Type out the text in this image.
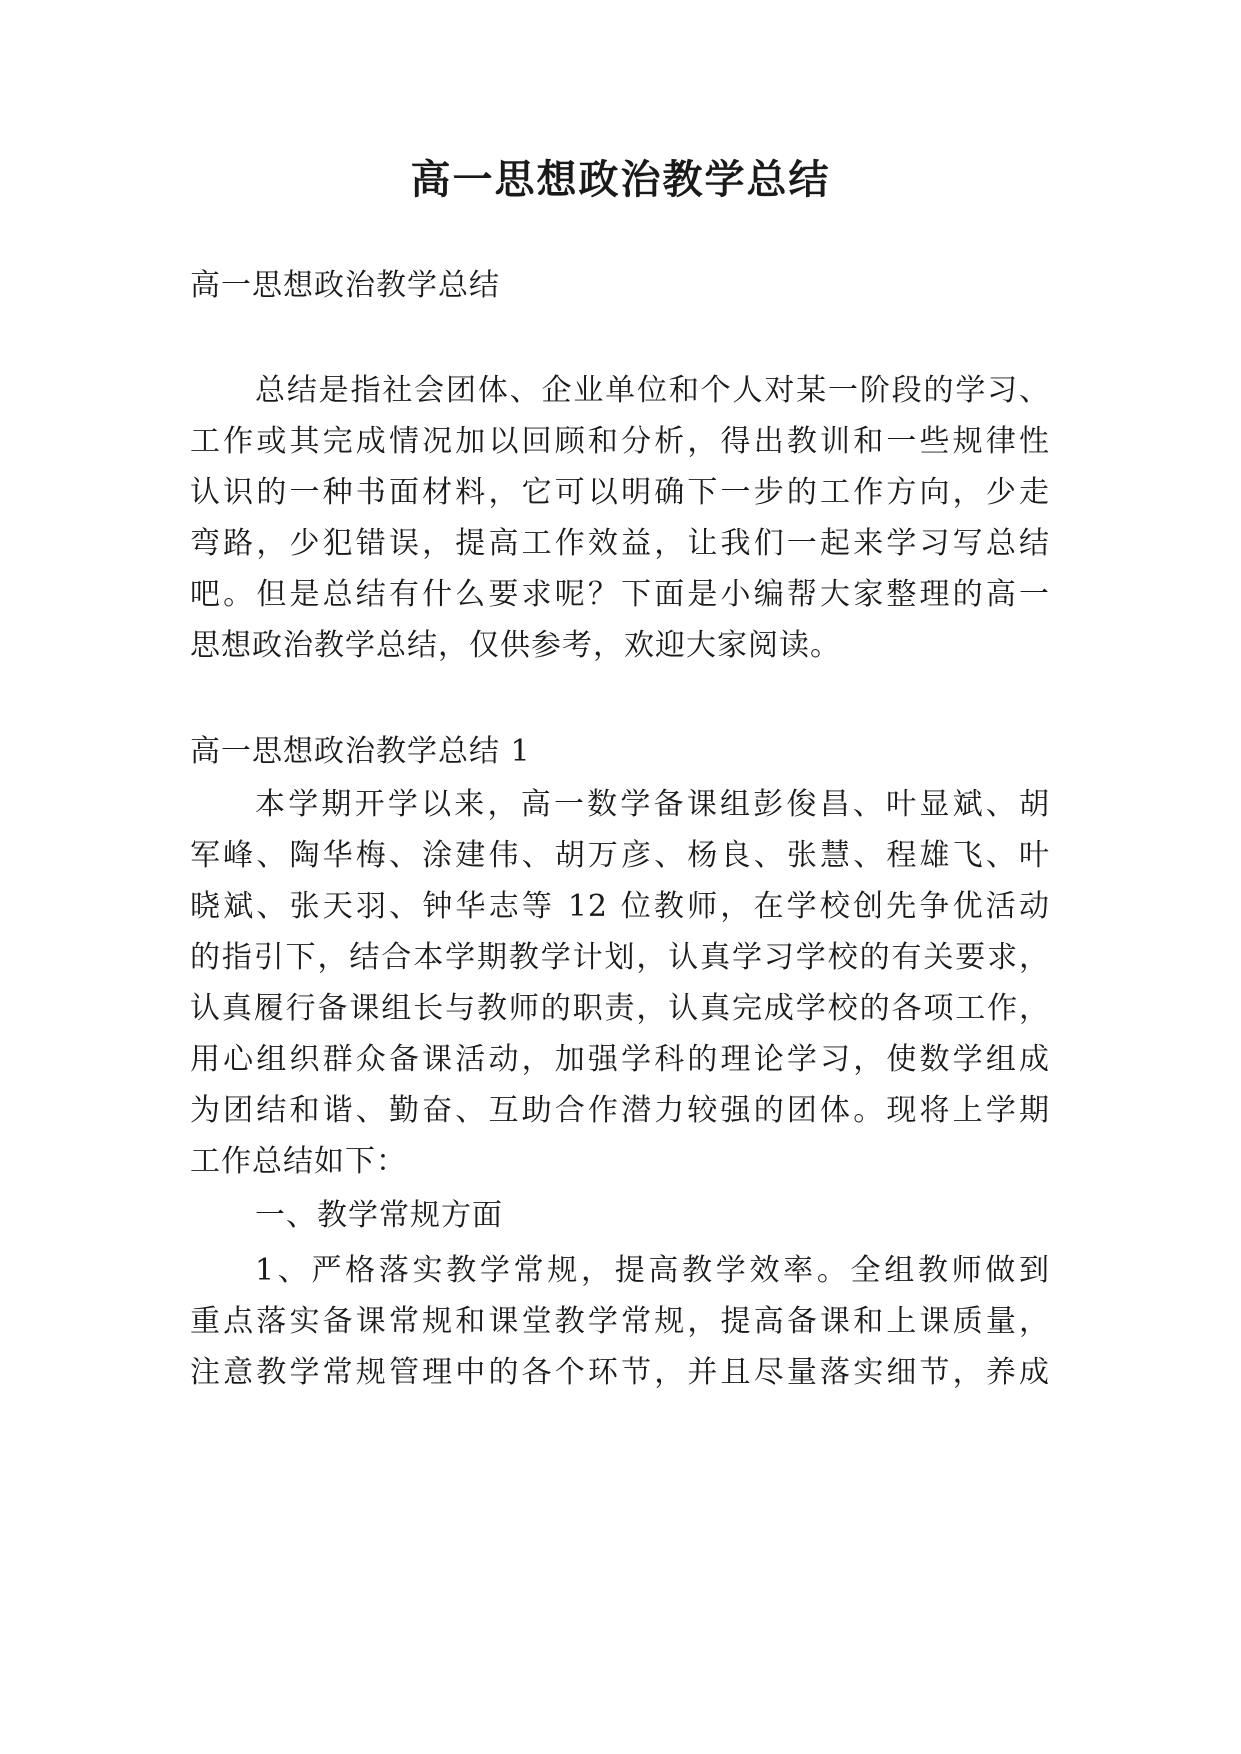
高一思想政治教学总结

高一思想政治教学总结

总结是指社会团体、企业单位和个人对某一阶段的学习、

工作或其完成情况加以回顾和分析，得出教训和一些规律性

认识的一种书面材料，它可以明确下一步的工作方向，少走

弯路，少犯错误，提高工作效益，让我们一起来学习写总结

吧。但是总结有什么要求呢？下面是小编帮大家整理的高一

思想政治教学总结，仅供参考，欢迎大家阅读。

高一思想政治教学总结 1

本学期开学以来，高一数学备课组彭俊昌、叶显斌、胡

军峰、陶华梅、涂建伟、胡万彦、杨良、张慧、程雄飞、叶

晓斌、张天羽、钟华志等 12 位教师，在学校创先争优活动

的指引下，结合本学期教学计划，认真学习学校的有关要求，

认真履行备课组长与教师的职责，认真完成学校的各项工作，

用心组织群众备课活动，加强学科的理论学习，使数学组成

为团结和谐、勤奋、互助合作潜力较强的团体。现将上学期

工作总结如下：

一、教学常规方面

1、严格落实教学常规，提高教学效率。全组教师做到

重点落实备课常规和课堂教学常规，提高备课和上课质量，

注意教学常规管理中的各个环节，并且尽量落实细节，养成
